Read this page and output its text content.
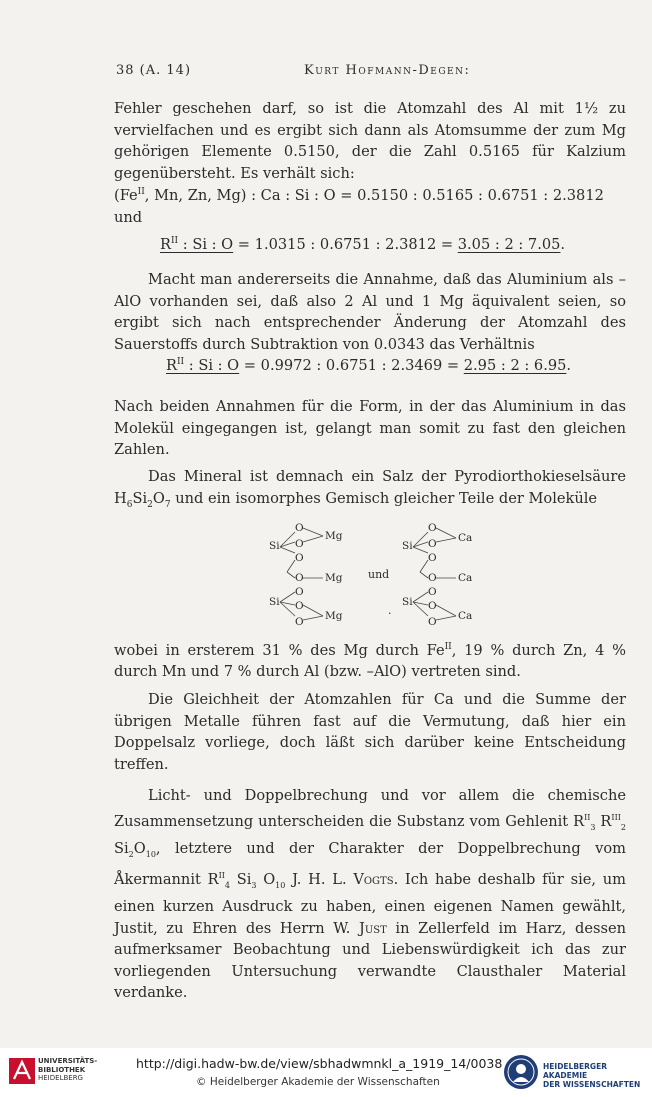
38 (A. 14)	Kurt Hofmann-Degen:

Fehler geschehen darf, so ist die Atomzahl des Al mit 1½ zu vervielfachen und es ergibt sich dann als Atomsumme der zum Mg gehörigen Elemente 0.5150, der die Zahl 0.5165 für Kalzium gegenübersteht. Es verhält sich:

($Fe^{II}$, Mn, Zn, Mg) : Ca : Si : O = 0.5150 : 0.5165 : 0.6751 : 2.3812
und
$R^{II}$ : Si : O = 1.0315 : 0.6751 : 2.3812 = 3.05 : 2 : 7.05.

Macht man andererseits die Annahme, daß das Aluminium als –AlO vorhanden sei, daß also 2 Al und 1 Mg äquivalent seien, so ergibt sich nach entsprechender Änderung der Atomzahl des Sauerstoffs durch Subtraktion von 0.0343 das Verhältnis

$R^{II}$ : Si : O = 0.9972 : 0.6751 : 2.3469 = 2.95 : 2 : 6.95.

Nach beiden Annahmen für die Form, in der das Aluminium in das Molekül eingegangen ist, gelangt man somit zu fast den gleichen Zahlen.

Das Mineral ist demnach ein Salz der Pyrodiorthokieselsäure $H_6Si_2O_7$ und ein isomorphes Gemisch gleicher Teile der Moleküle

O
Si O
Mg
O
O Mg
O
Si O
Mg
O
und
.
O
Si O Ca
O
O Ca
O
Si O
Ca
O

wobei in ersterem 31 % des Mg durch $Fe^{II}$, 19 % durch Zn, 4 % durch Mn und 7 % durch Al (bzw. –AlO) vertreten sind.

Die Gleichheit der Atomzahlen für Ca und die Summe der übrigen Metalle führen fast auf die Vermutung, daß hier ein Doppelsalz vorliege, doch läßt sich darüber keine Entscheidung treffen.

Licht- und Doppelbrechung und vor allem die chemische Zusammensetzung unterscheiden die Substanz vom Gehlenit $R^{II}_3$ $R^{III}_2$ $Si_2O_{10}$, letztere und der Charakter der Doppelbrechung vom Åkermannit $R^{II}_4$ $Si_3$ $O_{10}$ J. H. L. Vogts. Ich habe deshalb für sie, um einen kurzen Ausdruck zu haben, einen eigenen Namen gewählt, Justit, zu Ehren des Herrn W. Just in Zellerfeld im Harz, dessen aufmerksamer Beobachtung und Liebenswürdigkeit ich das zur vorliegenden Untersuchung verwandte Clausthaler Material verdanke.

UNIVERSITÄTS-
BIBLIOTHEK
HEIDELBERG
http://digi.hadw-bw.de/view/sbhadwmnkl_a_1919_14/0038
© Heidelberger Akademie der Wissenschaften
HEIDELBERGER AKADEMIE
DER WISSENSCHAFTEN
